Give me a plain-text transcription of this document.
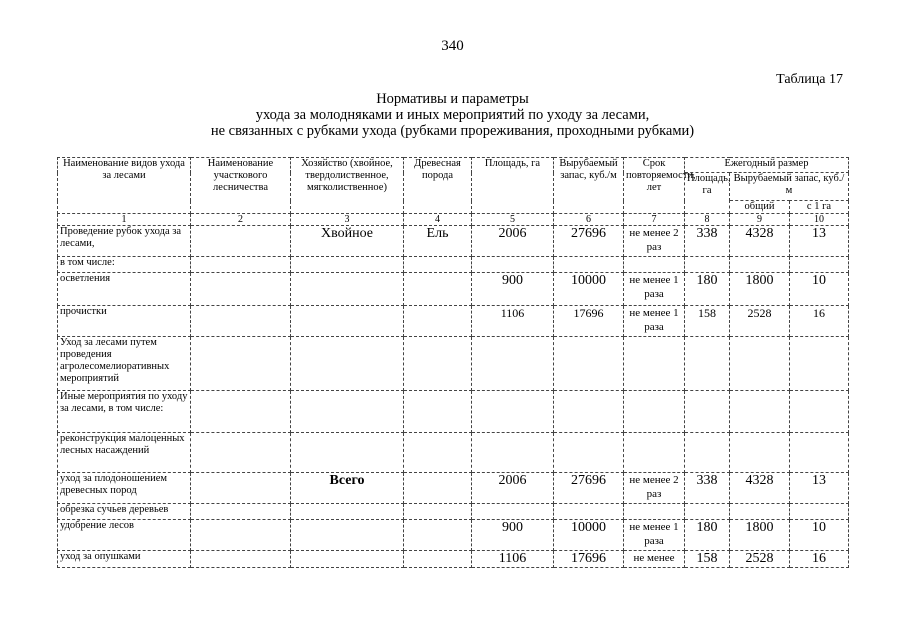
340
Таблица 17
Нормативы и параметры
ухода за молодняками и иных мероприятий по уходу за лесами,
не связанных с рубками ухода (рубками прореживания, проходными рубками)
Наименование видов ухода за лесами	Наименование участкового лесничества	Хозяйство (хвойное, твердолиственное, мягколиственное)	Древесная порода	Площадь, га	Вырубаемый запас, куб./м	Срок повторяемости, лет	Ежегодный размер		
							Площадь, га	Вырубаемый запас, куб./м	
								общий	с 1 га
1	2	3	4	5	6	7	8	9	10
Проведение рубок ухода за лесами,		Хвойное	Ель	2006	27696	не менее 2 раз	338	4328	13
в том числе:									
осветления				900	10000	не менее 1 раза	180	1800	10
прочистки				1106	17696	не менее 1 раза	158	2528	16
Уход за лесами путем проведения агролесомелиоративных мероприятий									
Иные мероприятия по уходу за лесами, в том числе:									
реконструкция малоценных лесных насаждений									
уход за плодоношением древесных пород		Всего		2006	27696	не менее 2 раз	338	4328	13
обрезка сучьев деревьев									
удобрение лесов				900	10000	не менее 1 раза	180	1800	10
уход за опушками				1106	17696	не менее	158	2528	16
